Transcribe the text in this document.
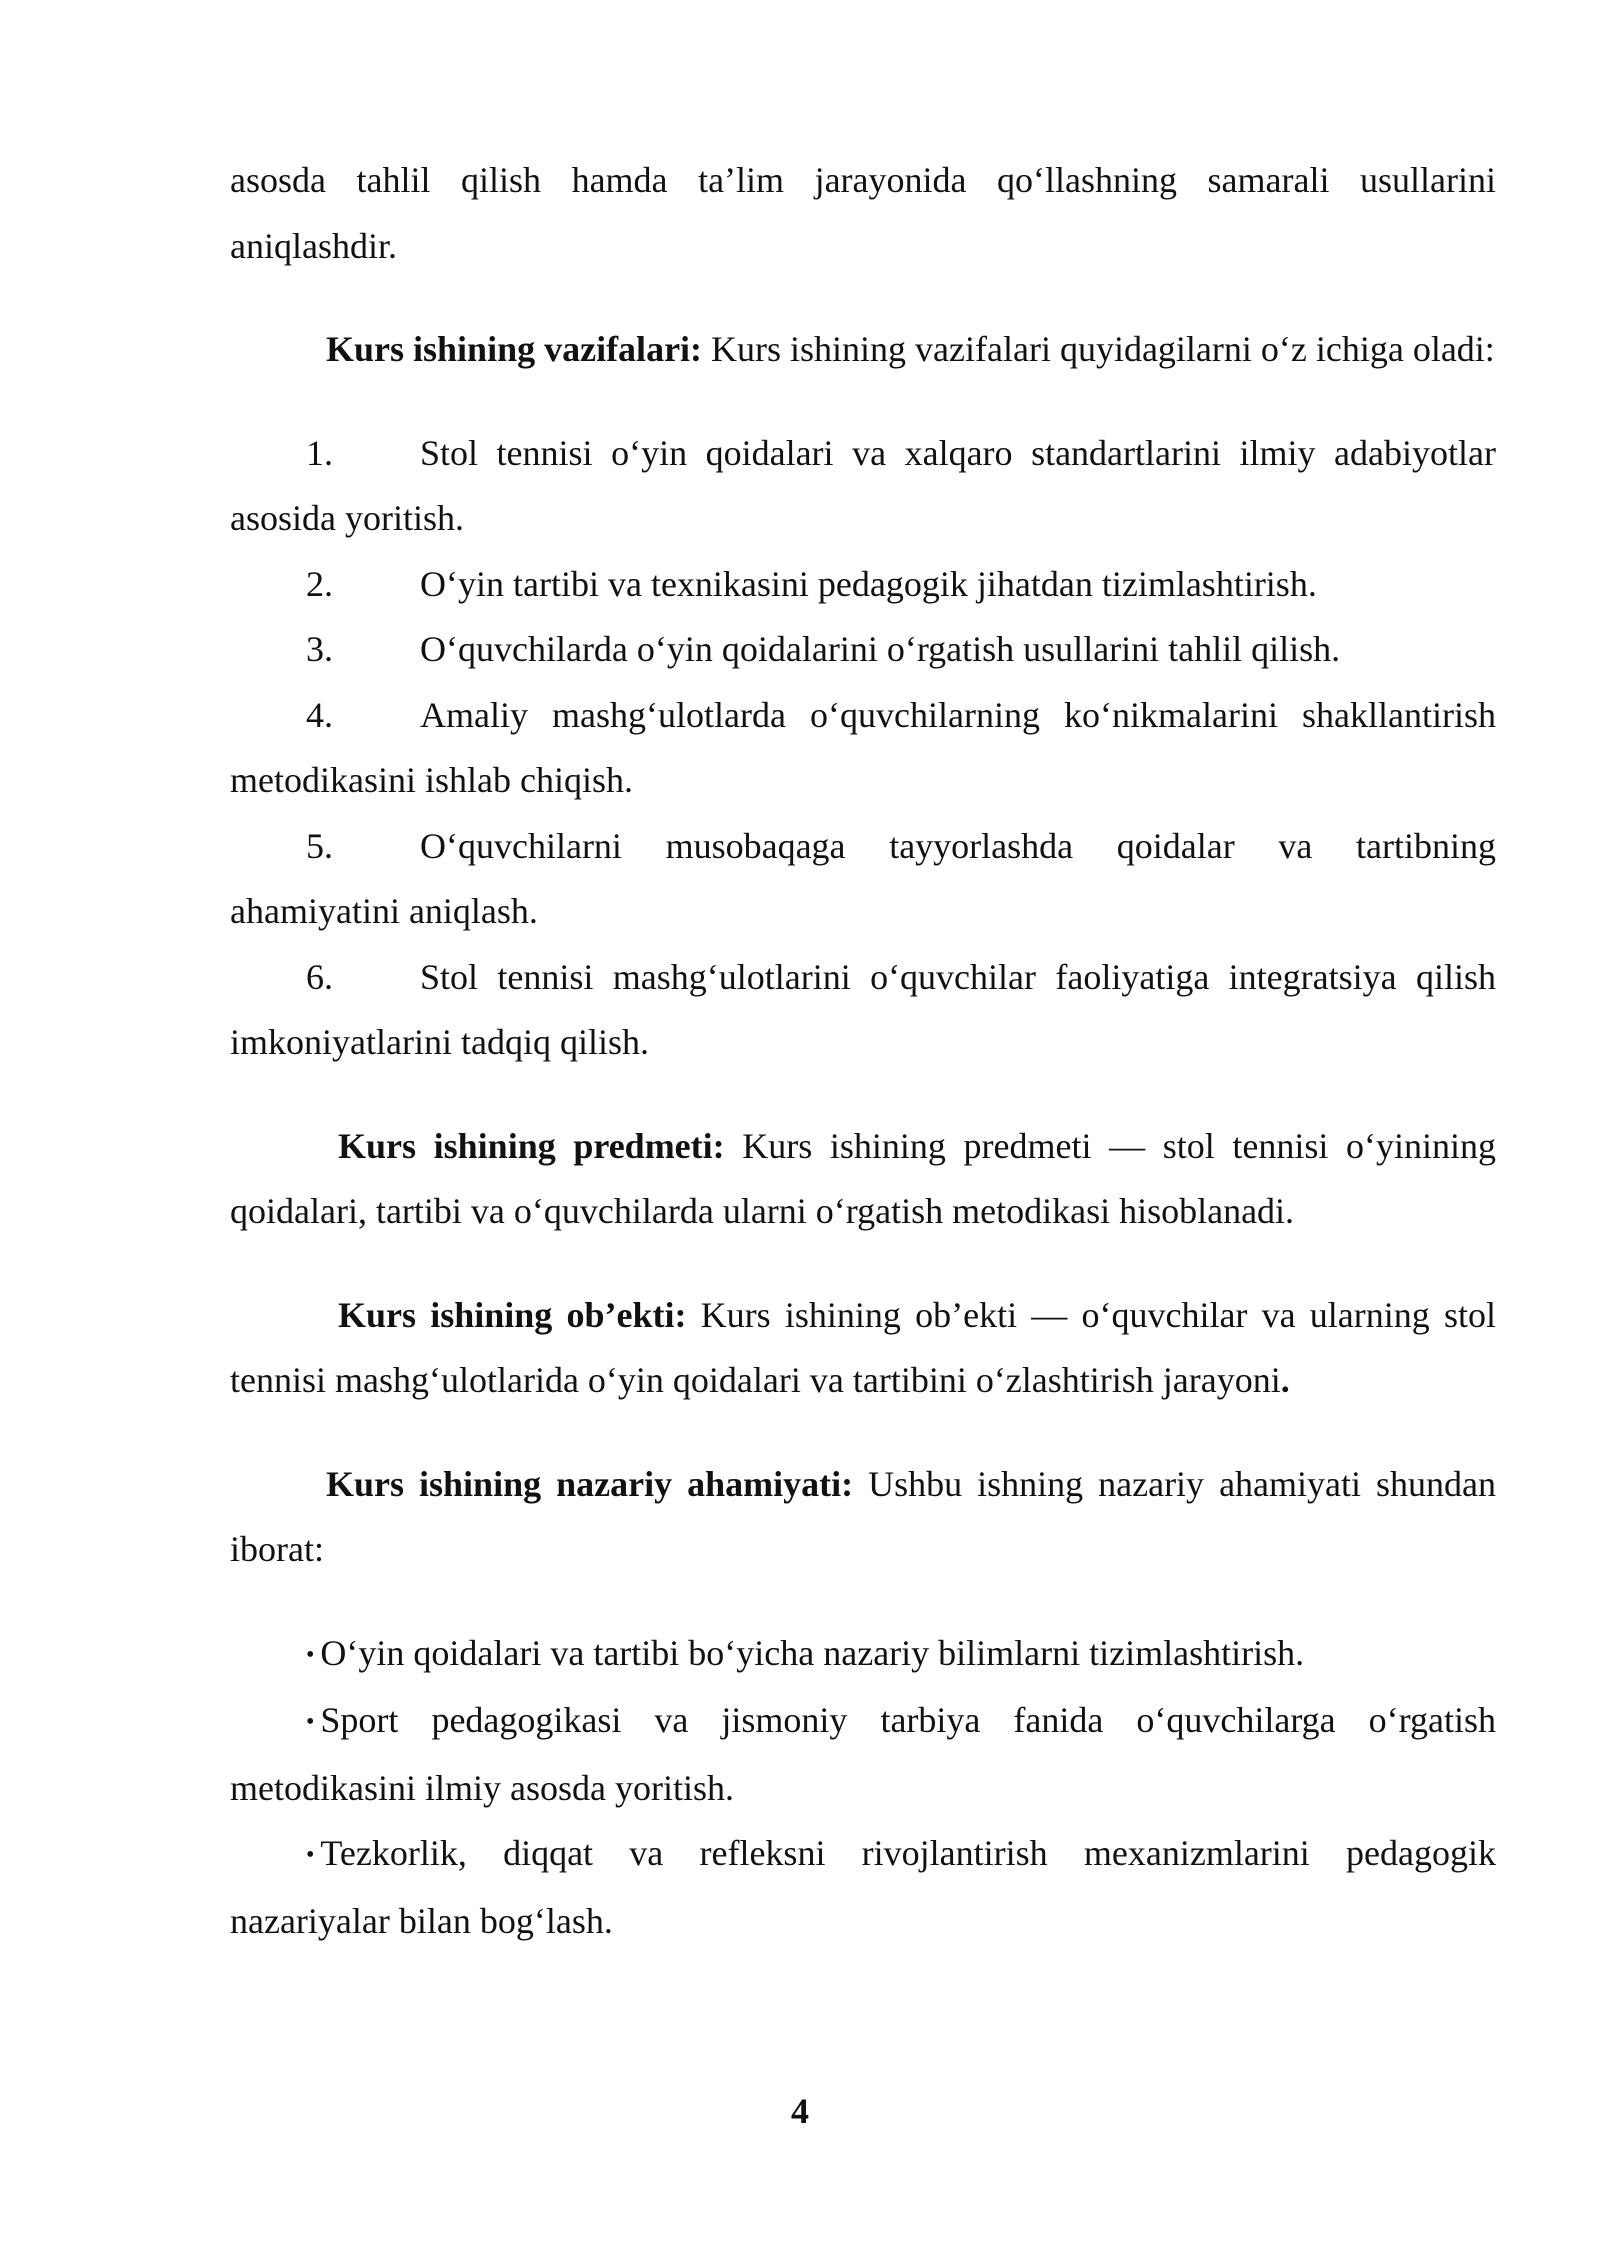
asosda tahlil qilish hamda ta’lim jarayonida qo‘llashning samarali usullarini aniqlashdir.

Kurs ishining vazifalari: Kurs ishining vazifalari quyidagilarni o‘z ichiga oladi:

1. Stol tennisi o‘yin qoidalari va xalqaro standartlarini ilmiy adabiyotlar asosida yoritish.

2. O‘yin tartibi va texnikasini pedagogik jihatdan tizimlashtirish.

3. O‘quvchilarda o‘yin qoidalarini o‘rgatish usullarini tahlil qilish.

4. Amaliy mashg‘ulotlarda o‘quvchilarning ko‘nikmalarini shakllantirish metodikasini ishlab chiqish.

5. O‘quvchilarni musobaqaga tayyorlashda qoidalar va tartibning ahamiyatini aniqlash.

6. Stol tennisi mashg‘ulotlarini o‘quvchilar faoliyatiga integratsiya qilish imkoniyatlarini tadqiq qilish.

Kurs ishining predmeti: Kurs ishining predmeti — stol tennisi o‘yinining qoidalari, tartibi va o‘quvchilarda ularni o‘rgatish metodikasi hisoblanadi.

Kurs ishining ob’ekti: Kurs ishining ob’ekti — o‘quvchilar va ularning stol tennisi mashg‘ulotlarida o‘yin qoidalari va tartibini o‘zlashtirish jarayoni.

Kurs ishining nazariy ahamiyati: Ushbu ishning nazariy ahamiyati shundan iborat:

• O‘yin qoidalari va tartibi bo‘yicha nazariy bilimlarni tizimlashtirish.

• Sport pedagogikasi va jismoniy tarbiya fanida o‘quvchilarga o‘rgatish metodikasini ilmiy asosda yoritish.

• Tezkorlik, diqqat va refleksni rivojlantirish mexanizmlarini pedagogik nazariyalar bilan bog‘lash.

4
